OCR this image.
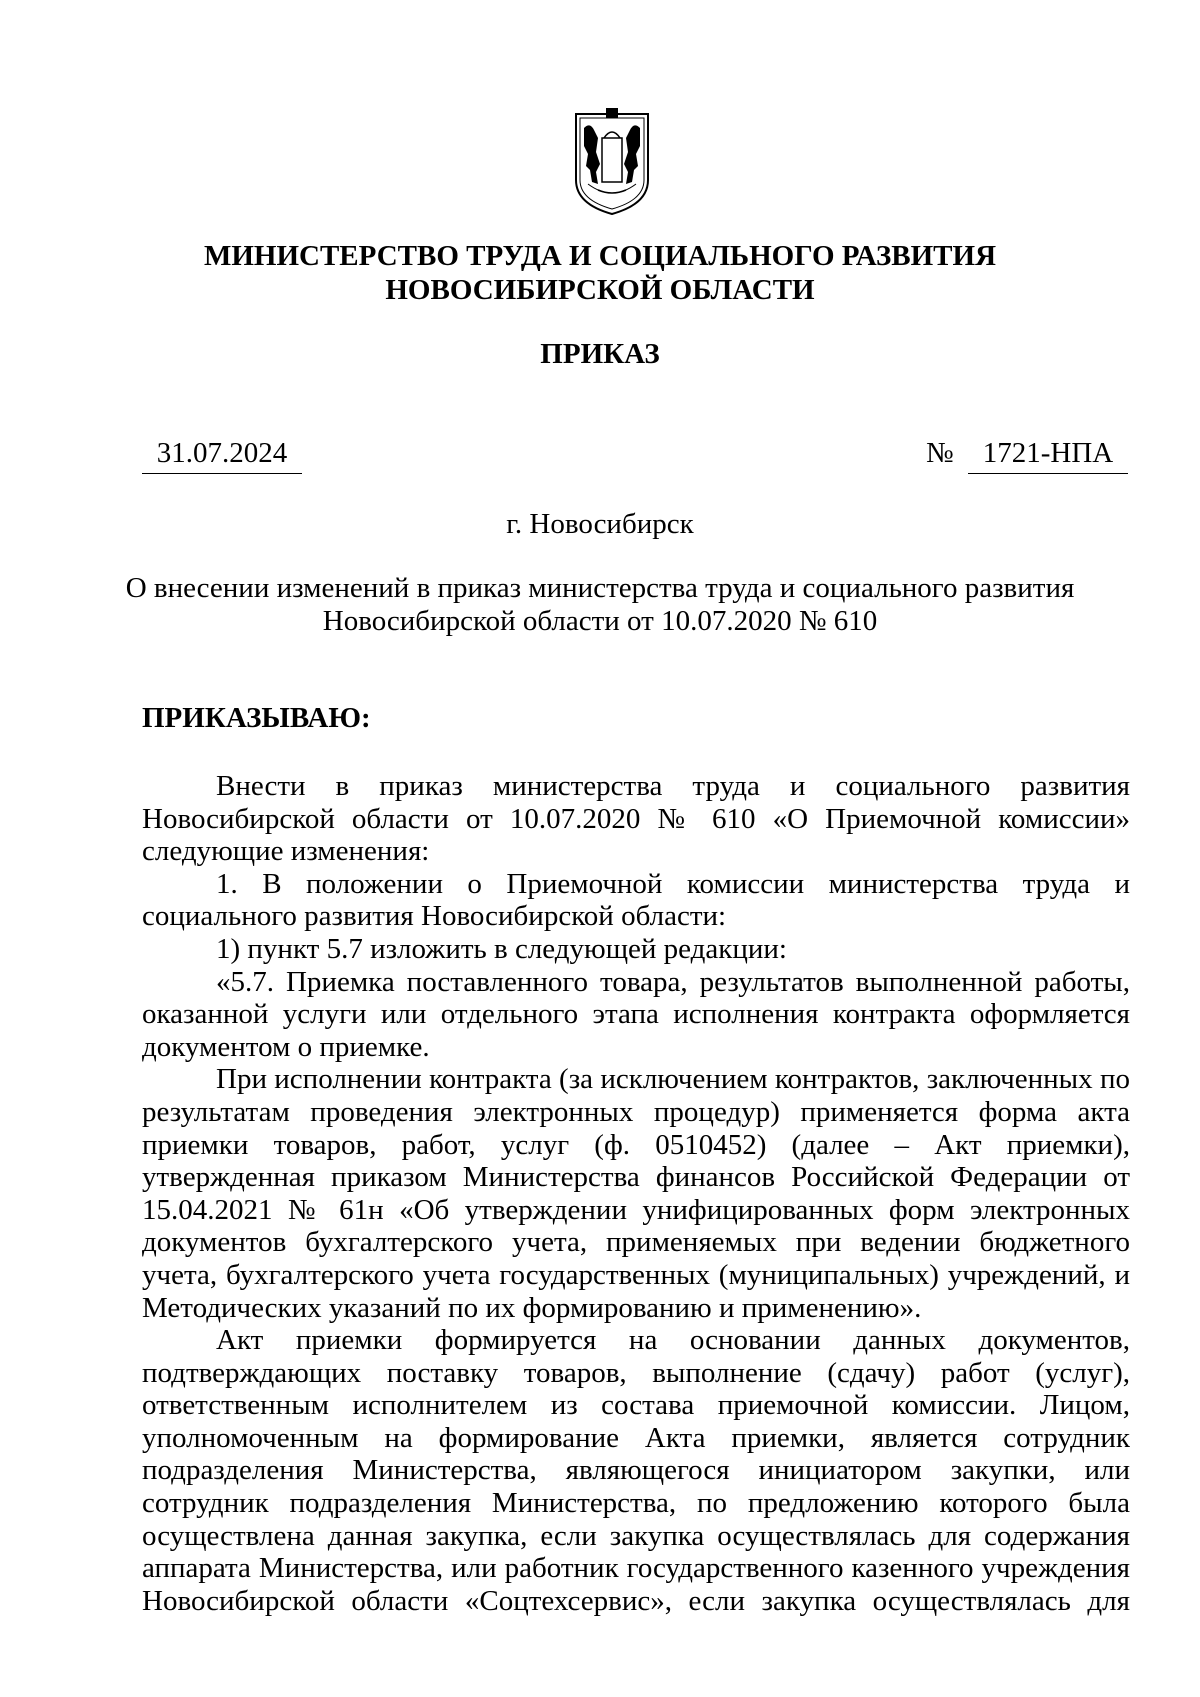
МИНИСТЕРСТВО ТРУДА И СОЦИАЛЬНОГО РАЗВИТИЯ
НОВОСИБИРСКОЙ ОБЛАСТИ
ПРИКАЗ
31.07.2024	№	1721-НПА
г. Новосибирск
О внесении изменений в приказ министерства труда и социального развития
Новосибирской области от 10.07.2020 № 610
ПРИКАЗЫВАЮ:

Внести в приказ министерства труда и социального развития Новосибирской области от 10.07.2020 № 610 «О Приемочной комиссии» следующие изменения:

1. В положении о Приемочной комиссии министерства труда и социального развития Новосибирской области:

1) пункт 5.7 изложить в следующей редакции:

«5.7. Приемка поставленного товара, результатов выполненной работы, оказанной услуги или отдельного этапа исполнения контракта оформляется документом о приемке.

При исполнении контракта (за исключением контрактов, заключенных по результатам проведения электронных процедур) применяется форма акта приемки товаров, работ, услуг (ф. 0510452) (далее – Акт приемки), утвержденная приказом Министерства финансов Российской Федерации от 15.04.2021 № 61н «Об утверждении унифицированных форм электронных документов бухгалтерского учета, применяемых при ведении бюджетного учета, бухгалтерского учета государственных (муниципальных) учреждений, и Методических указаний по их формированию и применению».

Акт приемки формируется на основании данных документов, подтверждающих поставку товаров, выполнение (сдачу) работ (услуг), ответственным исполнителем из состава приемочной комиссии. Лицом, уполномоченным на формирование Акта приемки, является сотрудник подразделения Министерства, являющегося инициатором закупки, или сотрудник подразделения Министерства, по предложению которого была осуществлена данная закупка, если закупка осуществлялась для содержания аппарата Министерства, или работник государственного казенного учреждения Новосибирской области «Соцтехсервис», если закупка осуществлялась для
